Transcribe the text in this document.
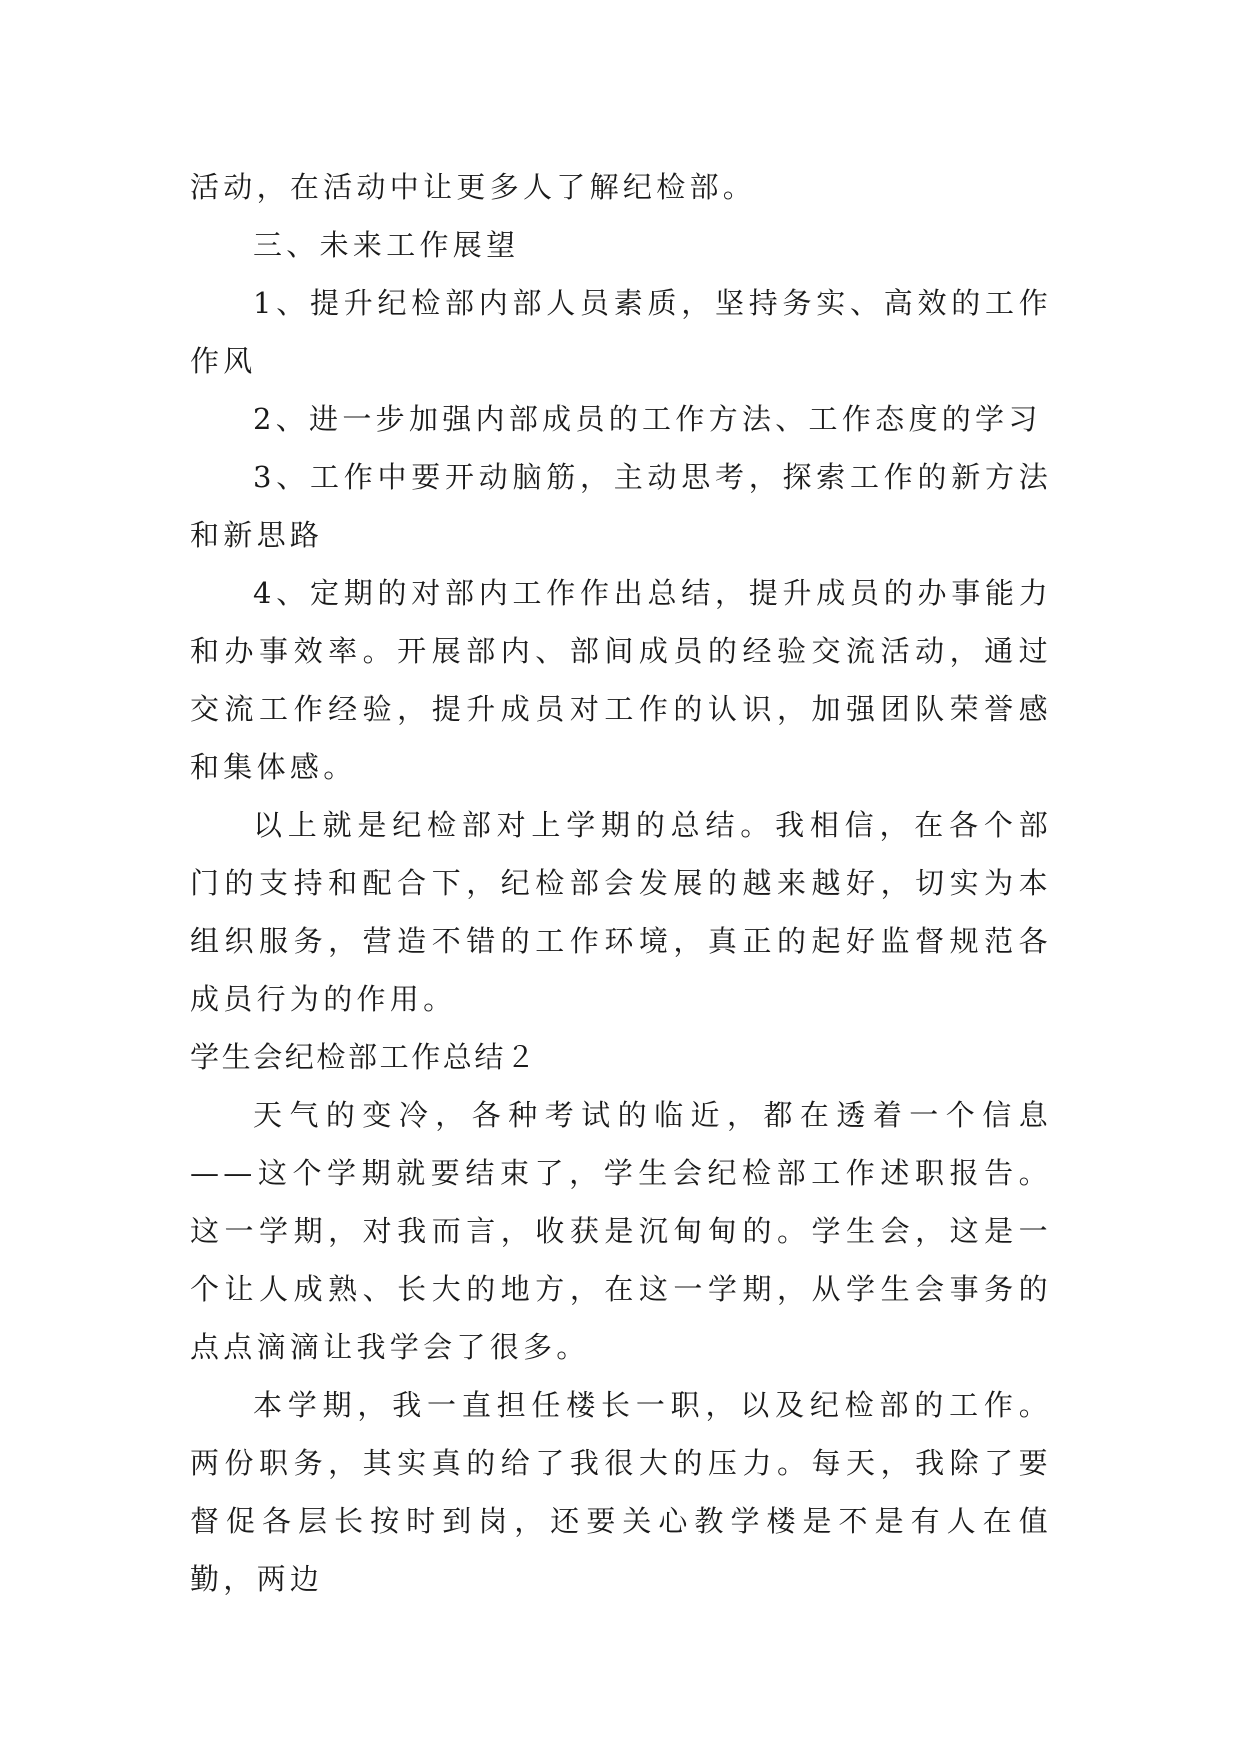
活动，在活动中让更多人了解纪检部。

三、未来工作展望

1、提升纪检部内部人员素质，坚持务实、高效的工作作风

2、进一步加强内部成员的工作方法、工作态度的学习

3、工作中要开动脑筋，主动思考，探索工作的新方法和新思路

4、定期的对部内工作作出总结，提升成员的办事能力和办事效率。开展部内、部间成员的经验交流活动，通过交流工作经验，提升成员对工作的认识，加强团队荣誉感和集体感。

以上就是纪检部对上学期的总结。我相信，在各个部门的支持和配合下，纪检部会发展的越来越好，切实为本组织服务，营造不错的工作环境，真正的起好监督规范各成员行为的作用。

学生会纪检部工作总结２

天气的变冷，各种考试的临近，都在透着一个信息——这个学期就要结束了，学生会纪检部工作述职报告。这一学期，对我而言，收获是沉甸甸的。学生会，这是一个让人成熟、长大的地方，在这一学期，从学生会事务的点点滴滴让我学会了很多。

本学期，我一直担任楼长一职，以及纪检部的工作。两份职务，其实真的给了我很大的压力。每天，我除了要督促各层长按时到岗，还要关心教学楼是不是有人在值勤，两边
